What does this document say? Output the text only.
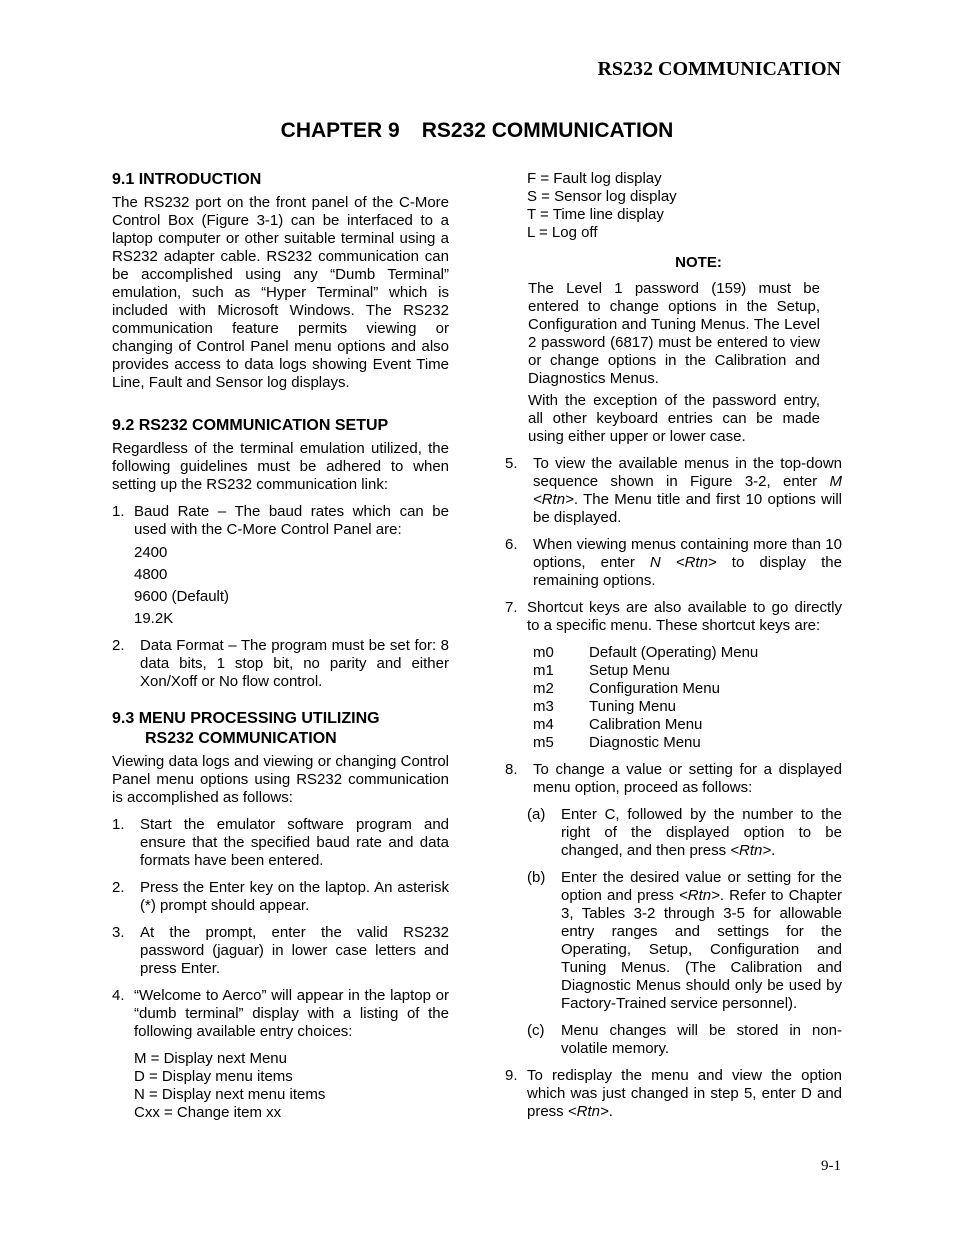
RS232 COMMUNICATION
CHAPTER 9 RS232 COMMUNICATION
9.1 INTRODUCTION

The RS232 port on the front panel of the C-More Control Box (Figure 3-1) can be interfaced to a laptop computer or other suitable terminal using a RS232 adapter cable. RS232 communication can be accomplished using any “Dumb Terminal” emulation, such as “Hyper Terminal” which is included with Microsoft Windows. The RS232 communication feature permits viewing or changing of Control Panel menu options and also provides access to data logs showing Event Time Line, Fault and Sensor log displays.

9.2 RS232 COMMUNICATION SETUP

Regardless of the terminal emulation utilized, the following guidelines must be adhered to when setting up the RS232 communication link:

1. Baud Rate – The baud rates which can be used with the C-More Control Panel are:
2400
4800
9600 (Default)
19.2K
2.	Data Format – The program must be set for: 8 data bits, 1 stop bit, no parity and either Xon/Xoff or No flow control.
9.3 MENU PROCESSING UTILIZING
RS232 COMMUNICATION

Viewing data logs and viewing or changing Control Panel menu options using RS232 communication is accomplished as follows:

1.	Start the emulator software program and ensure that the specified baud rate and data formats have been entered.
2.	Press the Enter key on the laptop. An asterisk (*) prompt should appear.
3.	At the prompt, enter the valid RS232 password (jaguar) in lower case letters and press Enter.
4. “Welcome to Aerco” will appear in the laptop or “dumb terminal” display with a listing of the following available entry choices:
M = Display next Menu
D = Display menu items
N = Display next menu items
Cxx = Change item xx
F = Fault log display
S = Sensor log display
T = Time line display
L = Log off
NOTE:

The Level 1 password (159) must be entered to change options in the Setup, Configuration and Tuning Menus. The Level 2 password (6817) must be entered to view or change options in the Calibration and Diagnostics Menus.

With the exception of the password entry, all other keyboard entries can be made using either upper or lower case.

5.	To view the available menus in the top-down sequence shown in Figure 3-2, enter M <Rtn>. The Menu title and first 10 options will be displayed.
6.	When viewing menus containing more than 10 options, enter N <Rtn> to display the remaining options.
7. Shortcut keys are also available to go directly to a specific menu. These shortcut keys are:
m0	Default (Operating) Menu
m1	Setup Menu
m2	Configuration Menu
m3	Tuning Menu
m4	Calibration Menu
m5	Diagnostic Menu
8.	To change a value or setting for a displayed menu option, proceed as follows:
(a)	Enter C, followed by the number to the right of the displayed option to be changed, and then press <Rtn>.
(b)	Enter the desired value or setting for the option and press <Rtn>. Refer to Chapter 3, Tables 3-2 through 3-5 for allowable entry ranges and settings for the Operating, Setup, Configuration and Tuning Menus. (The Calibration and Diagnostic Menus should only be used by Factory-Trained service personnel).
(c)	Menu changes will be stored in non-volatile memory.
9. To redisplay the menu and view the option which was just changed in step 5, enter D and press <Rtn>.
9-1
